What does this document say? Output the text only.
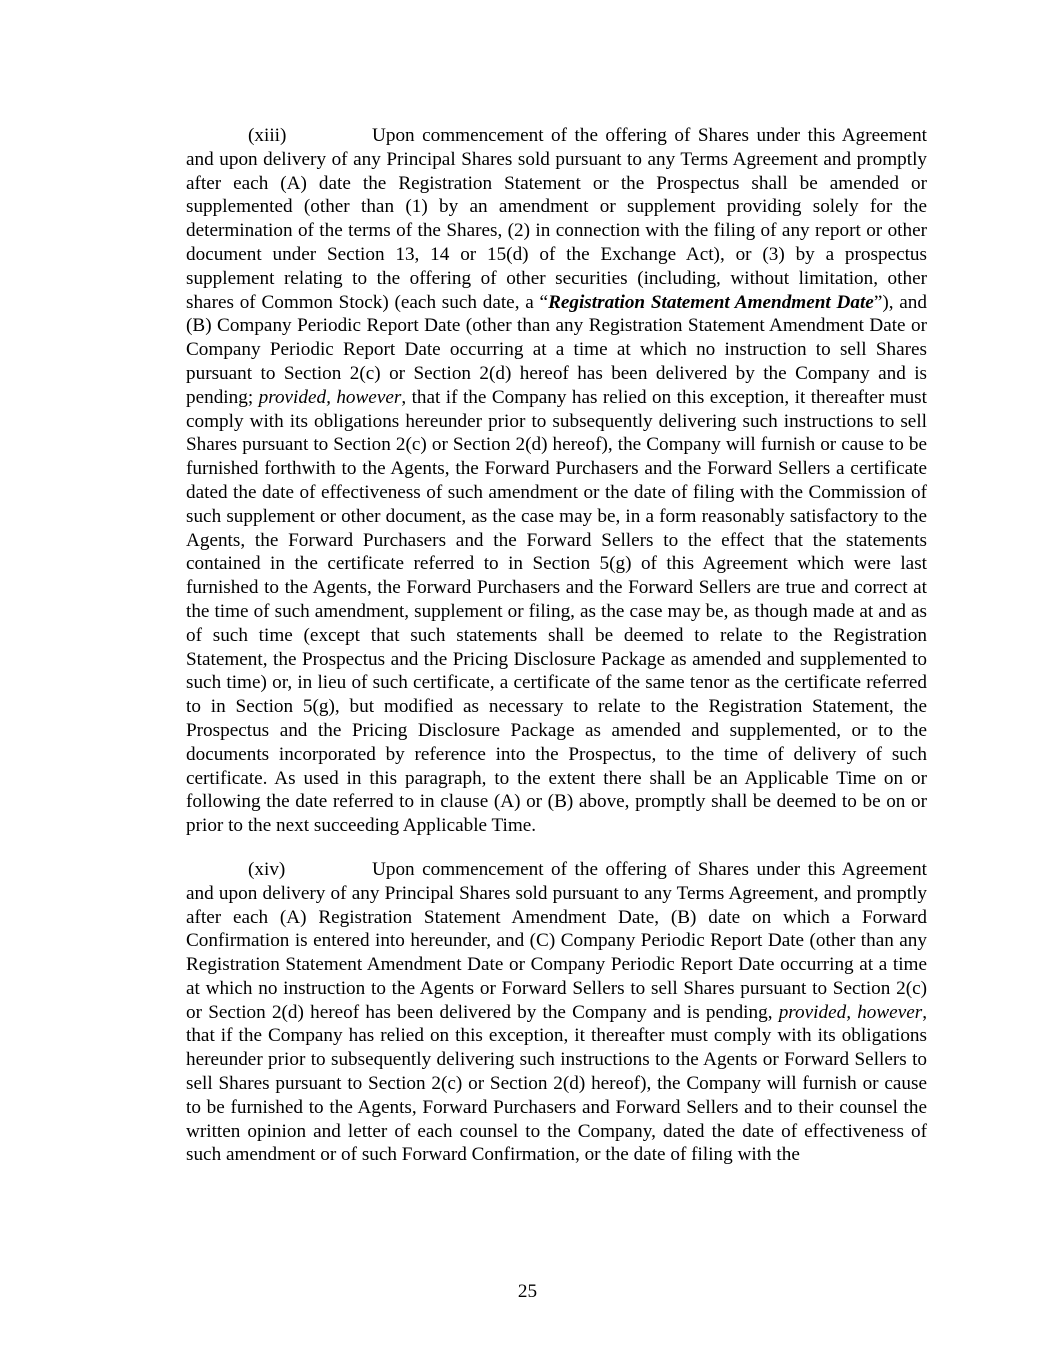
(xiii)	Upon commencement of the offering of Shares under this Agreement and upon delivery of any Principal Shares sold pursuant to any Terms Agreement and promptly after each (A) date the Registration Statement or the Prospectus shall be amended or supplemented (other than (1) by an amendment or supplement providing solely for the determination of the terms of the Shares, (2) in connection with the filing of any report or other document under Section 13, 14 or 15(d) of the Exchange Act), or (3) by a prospectus supplement relating to the offering of other securities (including, without limitation, other shares of Common Stock) (each such date, a “Registration Statement Amendment Date”), and (B) Company Periodic Report Date (other than any Registration Statement Amendment Date or Company Periodic Report Date occurring at a time at which no instruction to sell Shares pursuant to Section 2(c) or Section 2(d) hereof has been delivered by the Company and is pending; provided, however, that if the Company has relied on this exception, it thereafter must comply with its obligations hereunder prior to subsequently delivering such instructions to sell Shares pursuant to Section 2(c) or Section 2(d) hereof), the Company will furnish or cause to be furnished forthwith to the Agents, the Forward Purchasers and the Forward Sellers a certificate dated the date of effectiveness of such amendment or the date of filing with the Commission of such supplement or other document, as the case may be, in a form reasonably satisfactory to the Agents, the Forward Purchasers and the Forward Sellers to the effect that the statements contained in the certificate referred to in Section 5(g) of this Agreement which were last furnished to the Agents, the Forward Purchasers and the Forward Sellers are true and correct at the time of such amendment, supplement or filing, as the case may be, as though made at and as of such time (except that such statements shall be deemed to relate to the Registration Statement, the Prospectus and the Pricing Disclosure Package as amended and supplemented to such time) or, in lieu of such certificate, a certificate of the same tenor as the certificate referred to in Section 5(g), but modified as necessary to relate to the Registration Statement, the Prospectus and the Pricing Disclosure Package as amended and supplemented, or to the documents incorporated by reference into the Prospectus, to the time of delivery of such certificate. As used in this paragraph, to the extent there shall be an Applicable Time on or following the date referred to in clause (A) or (B) above, promptly shall be deemed to be on or prior to the next succeeding Applicable Time.

(xiv)	Upon commencement of the offering of Shares under this Agreement and upon delivery of any Principal Shares sold pursuant to any Terms Agreement, and promptly after each (A) Registration Statement Amendment Date, (B) date on which a Forward Confirmation is entered into hereunder, and (C) Company Periodic Report Date (other than any Registration Statement Amendment Date or Company Periodic Report Date occurring at a time at which no instruction to the Agents or Forward Sellers to sell Shares pursuant to Section 2(c) or Section 2(d) hereof has been delivered by the Company and is pending, provided, however, that if the Company has relied on this exception, it thereafter must comply with its obligations hereunder prior to subsequently delivering such instructions to the Agents or Forward Sellers to sell Shares pursuant to Section 2(c) or Section 2(d) hereof), the Company will furnish or cause to be furnished to the Agents, Forward Purchasers and Forward Sellers and to their counsel the written opinion and letter of each counsel to the Company, dated the date of effectiveness of such amendment or of such Forward Confirmation, or the date of filing with the

25
